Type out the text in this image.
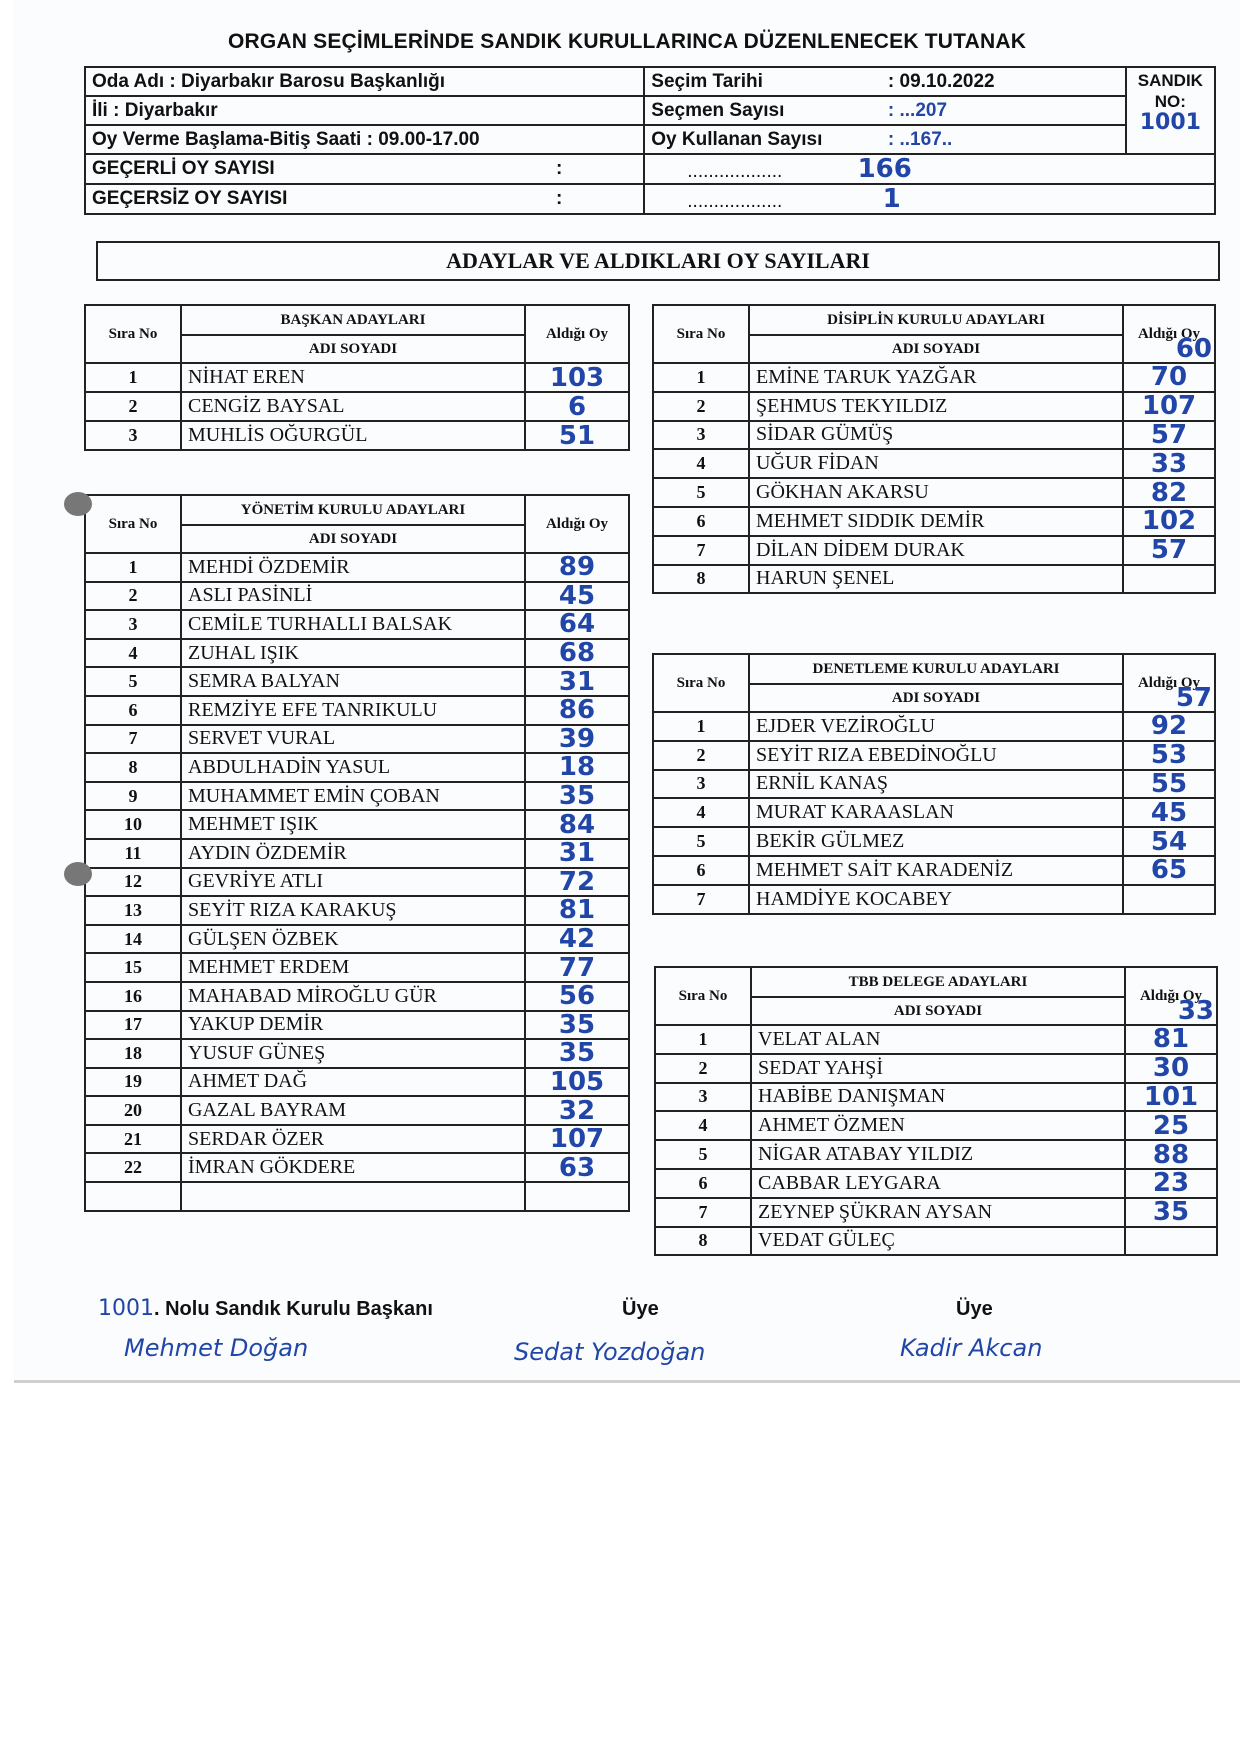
ORGAN SEÇİMLERİNDE SANDIK KURULLARINCA DÜZENLENECEK TUTANAK
Oda Adı : Diyarbakır Barosu Başkanlığı	Seçim Tarihi	: 09.10.2022	SANDIK NO:
1001

İli : Diyarbakır	Seçmen Sayısı	: ...207	
Oy Verme Başlama-Bitiş Saati : 09.00-17.00	Oy Kullanan Sayısı	: ..167..	
GEÇERLİ OY SAYISI :	.................. 166		
GEÇERSİZ OY SAYISI :	.................. 1		
ADAYLAR VE ALDIKLARI OY SAYILARI
Sıra No	BAŞKAN ADAYLARI	Aldığı Oy
	ADI SOYADI	
1	NİHAT EREN	103
2	CENGİZ BAYSAL	6
3	MUHLİS OĞURGÜL	51
Sıra No	YÖNETİM KURULU ADAYLARI	Aldığı Oy
	ADI SOYADI	
1	MEHDİ ÖZDEMİR	89
2	ASLI PASİNLİ	45
3	CEMİLE TURHALLI BALSAK	64
4	ZUHAL IŞIK	68
5	SEMRA BALYAN	31
6	REMZİYE EFE TANRIKULU	86
7	SERVET VURAL	39
8	ABDULHADİN YASUL	18
9	MUHAMMET EMİN ÇOBAN	35
10	MEHMET IŞIK	84
11	AYDIN ÖZDEMİR	31
12	GEVRİYE ATLI	72
13	SEYİT RIZA KARAKUŞ	81
14	GÜLŞEN ÖZBEK	42
15	MEHMET ERDEM	77
16	MAHABAD MİROĞLU GÜR	56
17	YAKUP DEMİR	35
18	YUSUF GÜNEŞ	35
19	AHMET DAĞ	105
20	GAZAL BAYRAM	32
21	SERDAR ÖZER	107
22	İMRAN GÖKDERE	63

Sıra No	DİSİPLİN KURULU ADAYLARI	Aldığı Oy
60

	ADI SOYADI	
1	EMİNE TARUK YAZĞAR	70
2	ŞEHMUS TEKYILDIZ	107
3	SİDAR GÜMÜŞ	57
4	UĞUR FİDAN	33
5	GÖKHAN AKARSU	82
6	MEHMET SIDDIK DEMİR	102
7	DİLAN DİDEM DURAK	57
8	HARUN ŞENEL	
Sıra No	DENETLEME KURULU ADAYLARI	Aldığı Oy
57

	ADI SOYADI	
1	EJDER VEZİROĞLU	92
2	SEYİT RIZA EBEDİNOĞLU	53
3	ERNİL KANAŞ	55
4	MURAT KARAASLAN	45
5	BEKİR GÜLMEZ	54
6	MEHMET SAİT KARADENİZ	65
7	HAMDİYE KOCABEY	
Sıra No	TBB DELEGE ADAYLARI	Aldığı Oy
33

	ADI SOYADI	
1	VELAT ALAN	81
2	SEDAT YAHŞİ	30
3	HABİBE DANIŞMAN	101
4	AHMET ÖZMEN	25
5	NİGAR ATABAY YILDIZ	88
6	CABBAR LEYGARA	23
7	ZEYNEP ŞÜKRAN AYSAN	35
8	VEDAT GÜLEÇ	
1001. Nolu Sandık Kurulu Başkanı	Üye	Üye
Mehmet Doğan	Sedat Yozdoğan	Kadir Akcan
